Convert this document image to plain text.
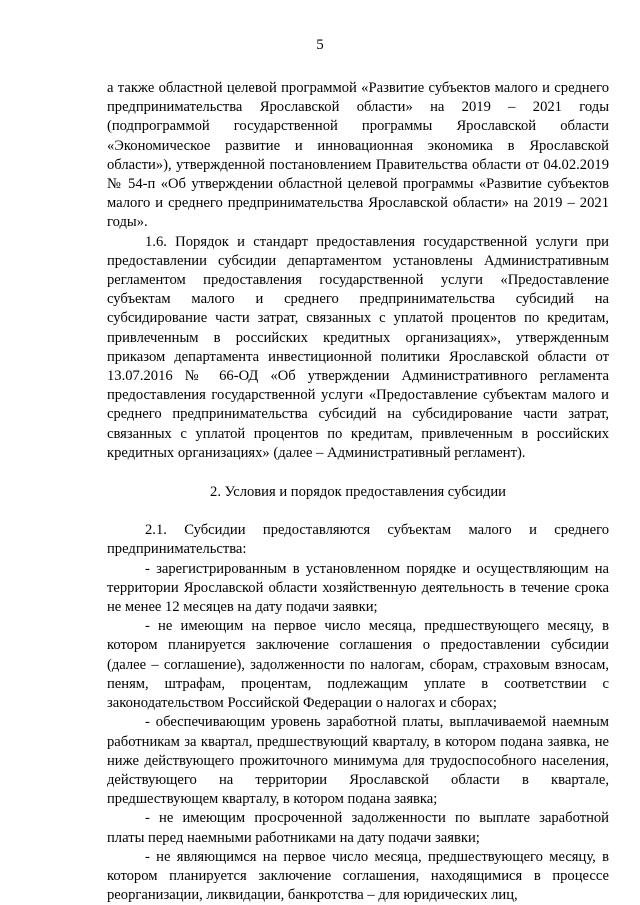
5

а также областной целевой программой «Развитие субъектов малого и среднего предпринимательства Ярославской области» на 2019 – 2021 годы (подпрограммой государственной программы Ярославской области «Экономическое развитие и инновационная экономика в Ярославской области»), утвержденной постановлением Правительства области от 04.02.2019 № 54-п «Об утверждении областной целевой программы «Развитие субъектов малого и среднего предпринимательства Ярославской области» на 2019 – 2021 годы».

1.6. Порядок и стандарт предоставления государственной услуги при предоставлении субсидии департаментом установлены Административным регламентом предоставления государственной услуги «Предоставление субъектам малого и среднего предпринимательства субсидий на субсидирование части затрат, связанных с уплатой процентов по кредитам, привлеченным в российских кредитных организациях», утвержденным приказом департамента инвестиционной политики Ярославской области от 13.07.2016 № 66-ОД «Об утверждении Административного регламента предоставления государственной услуги «Предоставление субъектам малого и среднего предпринимательства субсидий на субсидирование части затрат, связанных с уплатой процентов по кредитам, привлеченным в российских кредитных организациях» (далее – Административный регламент).

2. Условия и порядок предоставления субсидии

2.1. Субсидии предоставляются субъектам малого и среднего предпринимательства:

- зарегистрированным в установленном порядке и осуществляющим на территории Ярославской области хозяйственную деятельность в течение срока не менее 12 месяцев на дату подачи заявки;

- не имеющим на первое число месяца, предшествующего месяцу, в котором планируется заключение соглашения о предоставлении субсидии (далее – соглашение), задолженности по налогам, сборам, страховым взносам, пеням, штрафам, процентам, подлежащим уплате в соответствии с законодательством Российской Федерации о налогах и сборах;

- обеспечивающим уровень заработной платы, выплачиваемой наемным работникам за квартал, предшествующий кварталу, в котором подана заявка, не ниже действующего прожиточного минимума для трудоспособного населения, действующего на территории Ярославской области в квартале, предшествующем кварталу, в котором подана заявка;

- не имеющим просроченной задолженности по выплате заработной платы перед наемными работниками на дату подачи заявки;

- не являющимся на первое число месяца, предшествующего месяцу, в котором планируется заключение соглашения, находящимися в процессе реорганизации, ликвидации, банкротства – для юридических лиц,
